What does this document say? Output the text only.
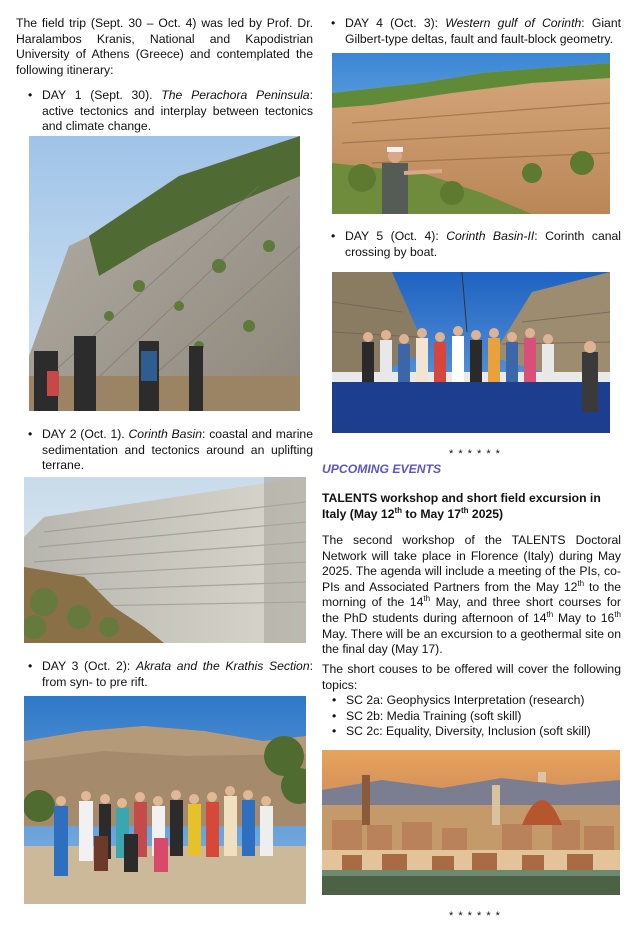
The field trip (Sept. 30 – Oct. 4) was led by Prof. Dr. Haralambos Kranis, National and Kapodistrian University of Athens (Greece) and contemplated the following itinerary:
• DAY 1 (Sept. 30). The Perachora Peninsula: active tectonics and interplay between tectonics and climate change.
• DAY 2 (Oct. 1). Corinth Basin: coastal and marine sedimentation and tectonics around an uplifting terrane.
• DAY 3 (Oct. 2): Akrata and the Krathis Section: from syn- to pre rift.
• DAY 4 (Oct. 3): Western gulf of Corinth: Giant Gilbert-type deltas, fault and fault-block geometry.
• DAY 5 (Oct. 4): Corinth Basin-II: Corinth canal crossing by boat.
* * * * * *
UPCOMING EVENTS
TALENTS workshop and short field excursion in Italy (May 12th to May 17th 2025)
The second workshop of the TALENTS Doctoral Network will take place in Florence (Italy) during May 2025. The agenda will include a meeting of the PIs, co-PIs and Associated Partners from the May 12th to the morning of the 14th May, and three short courses for the PhD students during afternoon of 14th May to 16th May. There will be an excursion to a geothermal site on the final day (May 17).
The short couses to be offered will cover the following topics:
• SC 2a: Geophysics Interpretation (research)
• SC 2b: Media Training (soft skill)
• SC 2c: Equality, Diversity, Inclusion (soft skill)
* * * * * *
